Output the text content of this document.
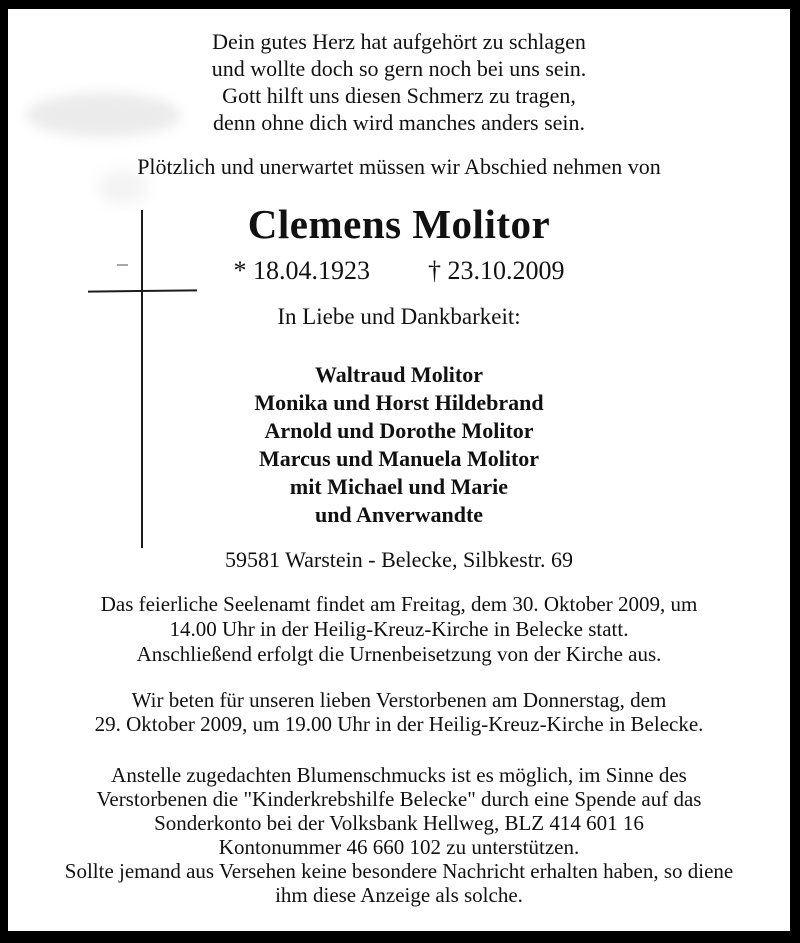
Dein gutes Herz hat aufgehört zu schlagen
und wollte doch so gern noch bei uns sein.
Gott hilft uns diesen Schmerz zu tragen,
denn ohne dich wird manches anders sein.
Plötzlich und unerwartet müssen wir Abschied nehmen von
Clemens Molitor
* 18.04.1923 † 23.10.2009
In Liebe und Dankbarkeit:
Waltraud Molitor
Monika und Horst Hildebrand
Arnold und Dorothe Molitor
Marcus und Manuela Molitor
mit Michael und Marie
und Anverwandte
59581 Warstein - Belecke, Silbkestr. 69
Das feierliche Seelenamt findet am Freitag, dem 30. Oktober 2009, um
14.00 Uhr in der Heilig-Kreuz-Kirche in Belecke statt.
Anschließend erfolgt die Urnenbeisetzung von der Kirche aus.
Wir beten für unseren lieben Verstorbenen am Donnerstag, dem
29. Oktober 2009, um 19.00 Uhr in der Heilig-Kreuz-Kirche in Belecke.
Anstelle zugedachten Blumenschmucks ist es möglich, im Sinne des
Verstorbenen die "Kinderkrebshilfe Belecke" durch eine Spende auf das
Sonderkonto bei der Volksbank Hellweg, BLZ 414 601 16
Kontonummer 46 660 102 zu unterstützen.
Sollte jemand aus Versehen keine besondere Nachricht erhalten haben, so diene
ihm diese Anzeige als solche.
